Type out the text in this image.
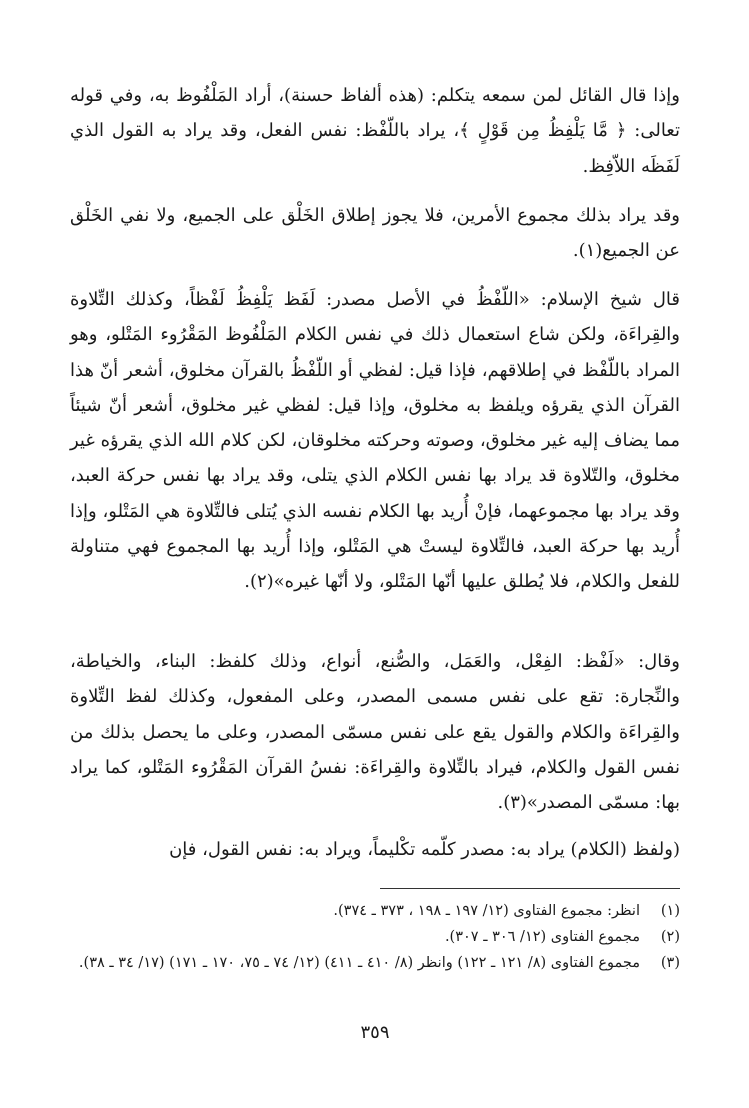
وإذا قال القائل لمن سمعه يتكلم: (هذه ألفاظ حسنة)، أراد المَلْفُوظ به، وفي قوله تعالى: ﴿ مَّا يَلْفِظُ مِن قَوْلٍ ﴾، يراد باللّفْظ: نفس الفعل، وقد يراد به القول الذي لَفَظَه اللاّفِظ.

وقد يراد بذلك مجموع الأمرين، فلا يجوز إطلاق الخَلْق على الجميع، ولا نفي الخَلْق عن الجميع(١).

قال شيخ الإسلام: «اللّفْظُ في الأصل مصدر: لَفَظ يَلْفِظُ لَفْظاً، وكذلك التِّلاوة والقِراءَة، ولكن شاع استعمال ذلك في نفس الكلام المَلْفُوظ المَقْرُوء المَتْلو، وهو المراد باللّفْظ في إطلاقهم، فإذا قيل: لفظي أو اللّفْظُ بالقرآن مخلوق، أشعر أنّ هذا القرآن الذي يقرؤه ويلفظ به مخلوق، وإذا قيل: لفظي غير مخلوق، أشعر أنّ شيئاً مما يضاف إليه غير مخلوق، وصوته وحركته مخلوقان، لكن كلام الله الذي يقرؤه غير مخلوق، والتّلاوة قد يراد بها نفس الكلام الذي يتلى، وقد يراد بها نفس حركة العبد، وقد يراد بها مجموعهما، فإنْ أُريد بها الكلام نفسه الذي يُتلى فالتِّلاوة هي المَتْلو، وإذا أُريد بها حركة العبد، فالتِّلاوة ليستْ هي المَتْلو، وإذا أُريد بها المجموع فهي متناولة للفعل والكلام، فلا يُطلق عليها أنّها المَتْلو، ولا أنّها غيره»(٢).

وقال: «لَفْظ: الفِعْل، والعَمَل، والصُّنع، أنواع، وذلك كلفظ: البناء، والخياطة، والنِّجارة: تقع على نفس مسمى المصدر، وعلى المفعول، وكذلك لفظ التِّلاوة والقِراءَة والكلام والقول يقع على نفس مسمّى المصدر، وعلى ما يحصل بذلك من نفس القول والكلام، فيراد بالتِّلاوة والقِراءَة: نفسُ القرآن المَقْرُوء المَتْلو، كما يراد بها: مسمّى المصدر»(٣).

(ولفظ (الكلام) يراد به: مصدر كلّمه تكْليماً، ويراد به: نفس القول، فإن

(١)انظر: مجموع الفتاوى (١٢/ ١٩٧ ـ ١٩٨ ، ٣٧٣ ـ ٣٧٤).
(٢)مجموع الفتاوى (١٢/ ٣٠٦ ـ ٣٠٧).
(٣)مجموع الفتاوى (٨/ ١٢١ ـ ١٢٢) وانظر (٨/ ٤١٠ ـ ٤١١) (١٢/ ٧٤ ـ ٧٥، ١٧٠ ـ ١٧١) (١٧/ ٣٤ ـ ٣٨).
٣٥٩
